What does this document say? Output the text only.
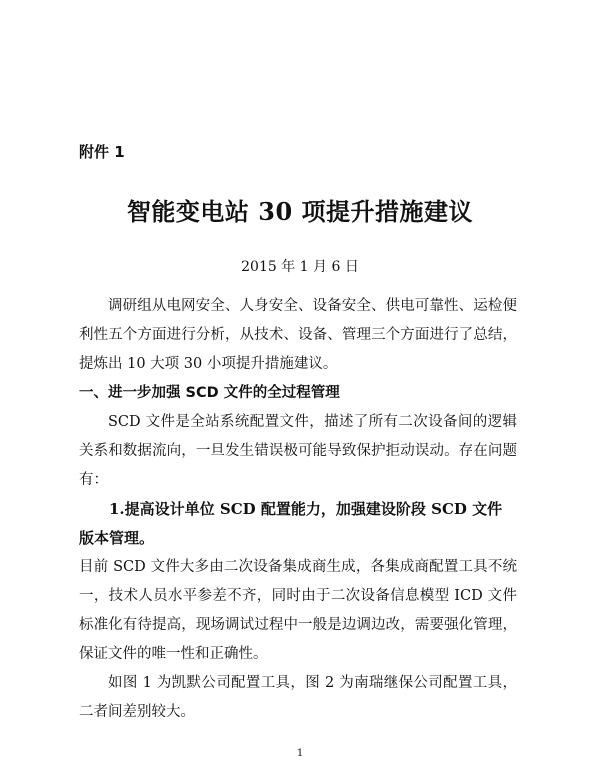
附件 1
智能变电站 30 项提升措施建议
2015 年 1 月 6 日

调研组从电网安全、人身安全、设备安全、供电可靠性、运检便利性五个方面进行分析，从技术、设备、管理三个方面进行了总结，提炼出 10 大项 30 小项提升措施建议。

一、进一步加强 SCD 文件的全过程管理

SCD 文件是全站系统配置文件，描述了所有二次设备间的逻辑关系和数据流向，一旦发生错误极可能导致保护拒动误动。存在问题有：

1.提高设计单位 SCD 配置能力，加强建设阶段 SCD 文件版本管理。

目前 SCD 文件大多由二次设备集成商生成，各集成商配置工具不统一，技术人员水平参差不齐，同时由于二次设备信息模型 ICD 文件标准化有待提高，现场调试过程中一般是边调边改，需要强化管理，保证文件的唯一性和正确性。

如图 1 为凯默公司配置工具，图 2 为南瑞继保公司配置工具，二者间差别较大。

1
